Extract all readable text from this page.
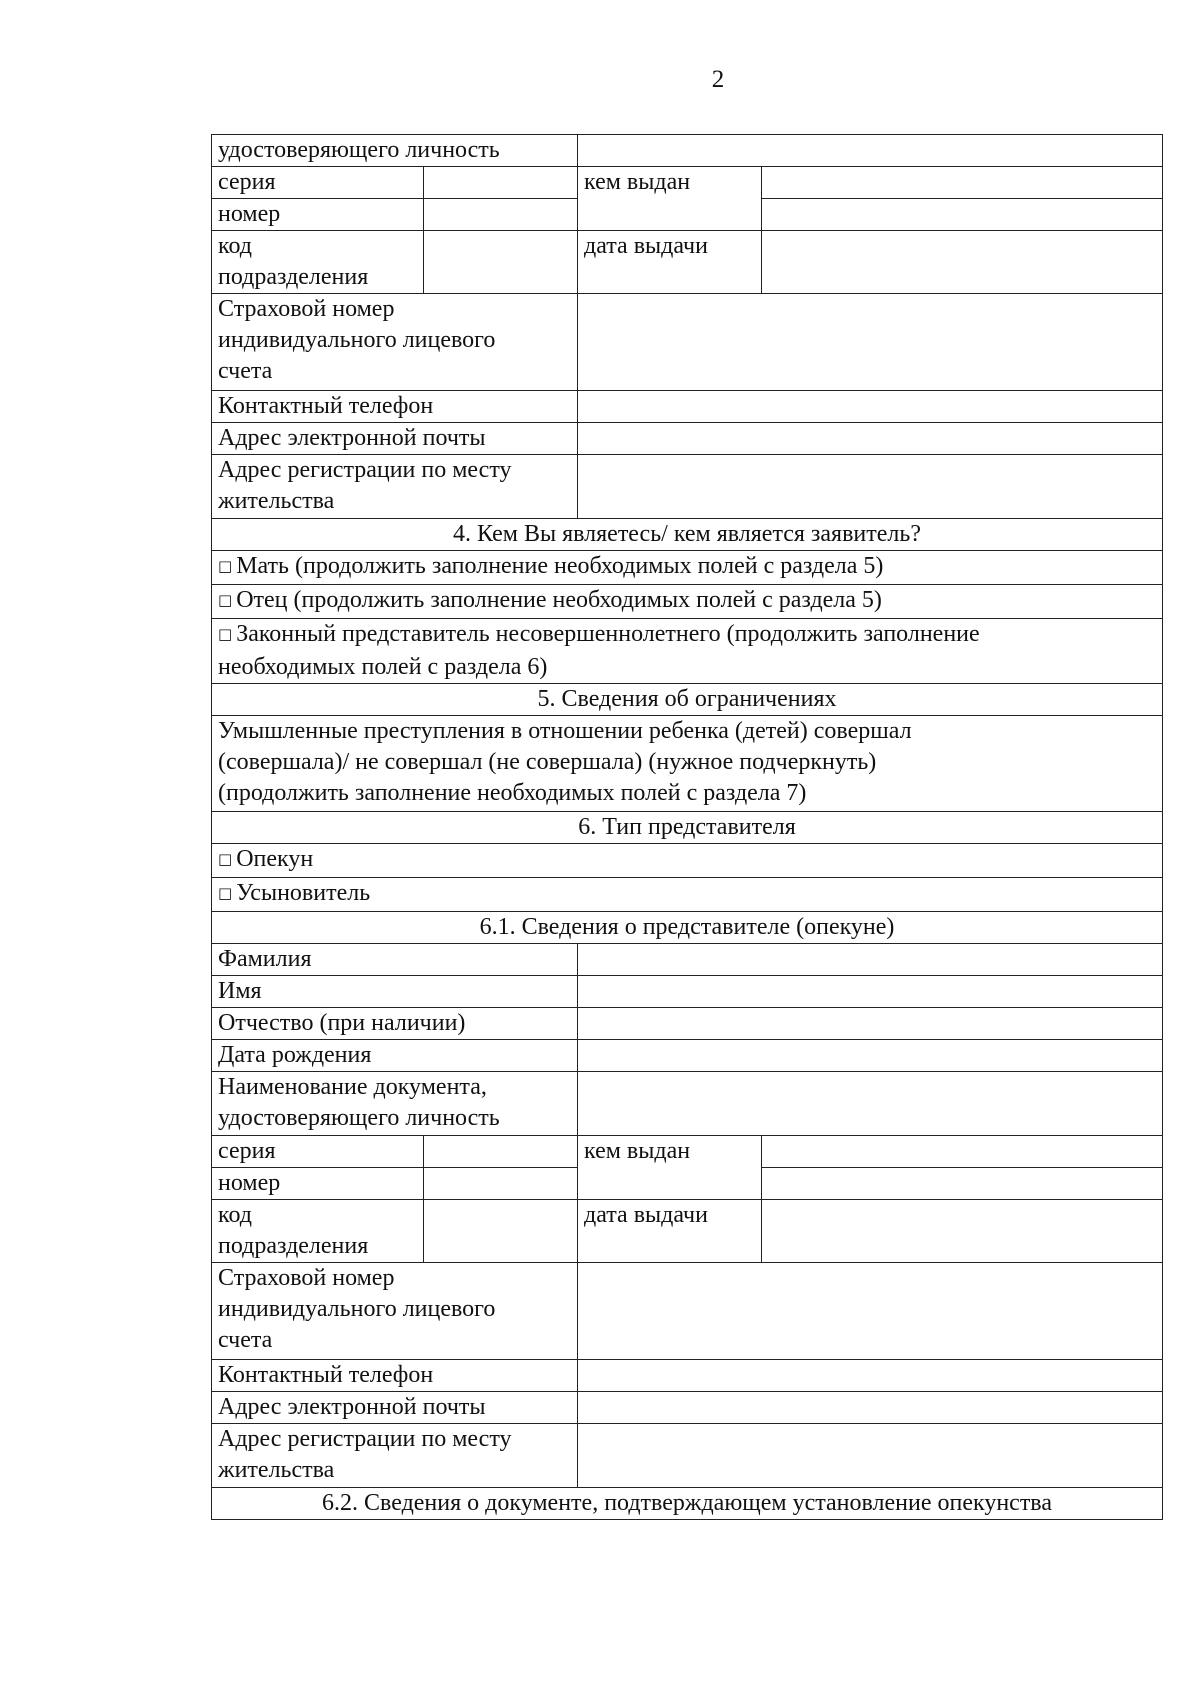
2
удостоверяющего личность			
серия		кем выдан	
номер			
код
подразделения		дата выдачи	
Страховой номер
индивидуального лицевого
счета			
Контактный телефон			
Адрес электронной почты			
Адрес регистрации по месту
жительства			
4. Кем Вы являетесь/ кем является заявитель?			
□ Мать (продолжить заполнение необходимых полей с раздела 5)			
□ Отец (продолжить заполнение необходимых полей с раздела 5)			
□ Законный представитель несовершеннолетнего (продолжить заполнение
необходимых полей с раздела 6)			
5. Сведения об ограничениях			
Умышленные преступления в отношении ребенка (детей) совершал
(совершала)/ не совершал (не совершала) (нужное подчеркнуть)
(продолжить заполнение необходимых полей с раздела 7)			
6. Тип представителя			
□ Опекун			
□ Усыновитель			
6.1. Сведения о представителе (опекуне)			
Фамилия			
Имя			
Отчество (при наличии)			
Дата рождения			
Наименование документа,
удостоверяющего личность			
серия		кем выдан	
номер			
код
подразделения		дата выдачи	
Страховой номер
индивидуального лицевого
счета			
Контактный телефон			
Адрес электронной почты			
Адрес регистрации по месту
жительства			
6.2. Сведения о документе, подтверждающем установление опекунства			
